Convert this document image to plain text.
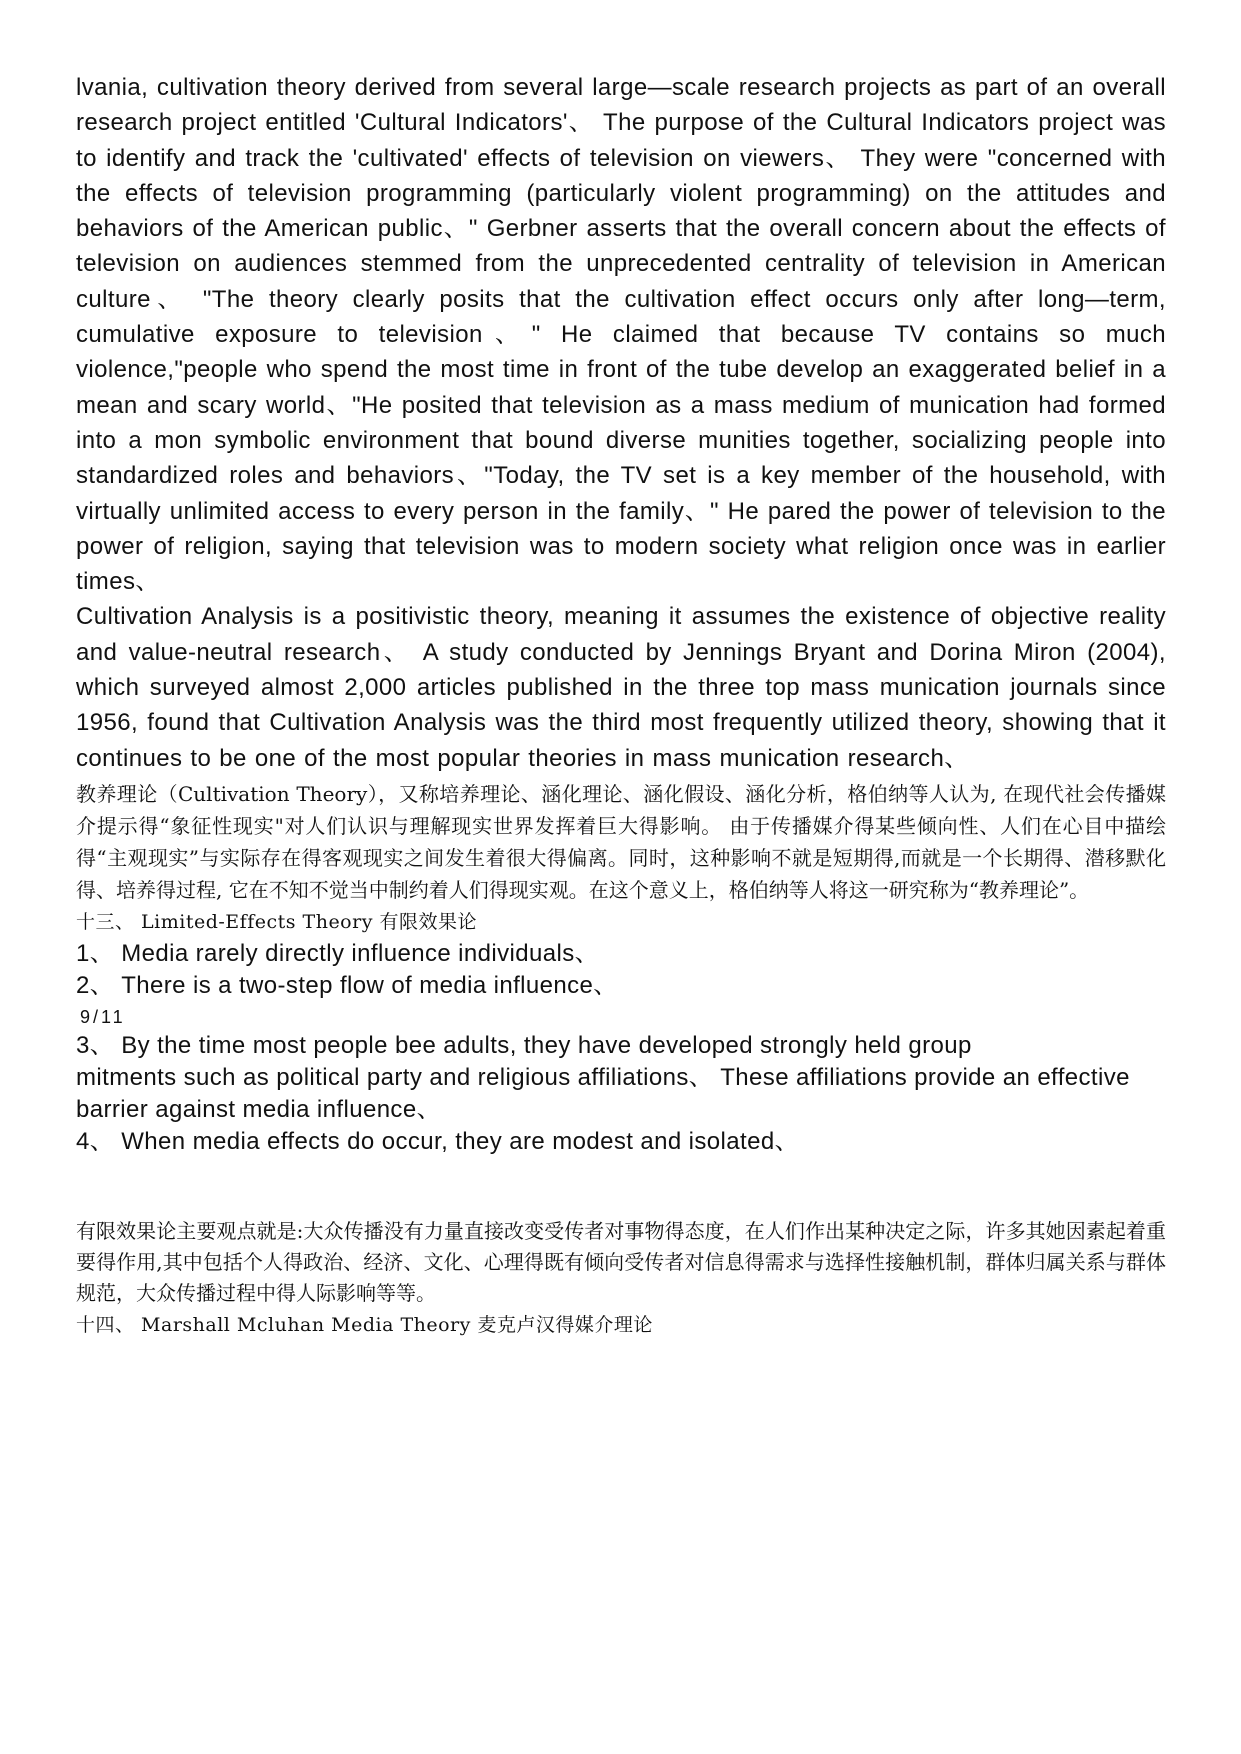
lvania, cultivation theory derived from several large—scale research projects as part of an overall research project entitled 'Cultural Indicators'、 The purpose of the Cultural Indicators project was to identify and track the 'cultivated' effects of television on viewers、 They were "concerned with the effects of television programming (particularly violent programming) on the attitudes and behaviors of the American public、" Gerbner asserts that the overall concern about the effects of television on audiences stemmed from the unprecedented centrality of television in American culture、 "The theory clearly posits that the cultivation effect occurs only after long—term, cumulative exposure to television、" He claimed that because TV contains so much violence,"people who spend the most time in front of the tube develop an exaggerated belief in a mean and scary world、"He posited that television as a mass medium of munication had formed into a mon symbolic environment that bound diverse munities together, socializing people into standardized roles and behaviors、"Today, the TV set is a key member of the household, with virtually unlimited access to every person in the family、" He pared the power of television to the power of religion, saying that television was to modern society what religion once was in earlier times、

Cultivation Analysis is a positivistic theory, meaning it assumes the existence of objective reality and value-neutral research、 A study conducted by Jennings Bryant and Dorina Miron (2004), which surveyed almost 2,000 articles published in the three top mass munication journals since 1956, found that Cultivation Analysis was the third most frequently utilized theory, showing that it continues to be one of the most popular theories in mass munication research、

教养理论（Cultivation Theory），又称培养理论、涵化理论、涵化假设、涵化分析，格伯纳等人认为, 在现代社会传播媒介提示得“象征性现实"对人们认识与理解现实世界发挥着巨大得影响。 由于传播媒介得某些倾向性、人们在心目中描绘得“主观现实”与实际存在得客观现实之间发生着很大得偏离。同时，这种影响不就是短期得,而就是一个长期得、潜移默化得、培养得过程, 它在不知不觉当中制约着人们得现实观。在这个意义上，格伯纳等人将这一研究称为“教养理论”。

十三、 Limited-Effects Theory 有限效果论

1、 Media rarely directly influence individuals、

2、 There is a two-step flow of media influence、

9/11

3、 By the time most people bee adults, they have developed strongly held group

mitments such as political party and religious affiliations、 These affiliations provide an effective barrier against media influence、

4、 When media effects do occur, they are modest and isolated、

有限效果论主要观点就是:大众传播没有力量直接改变受传者对事物得态度，在人们作出某种决定之际，许多其她因素起着重要得作用,其中包括个人得政治、经济、文化、心理得既有倾向受传者对信息得需求与选择性接触机制，群体归属关系与群体规范，大众传播过程中得人际影响等等。

十四、 Marshall Mcluhan Media Theory 麦克卢汉得媒介理论
